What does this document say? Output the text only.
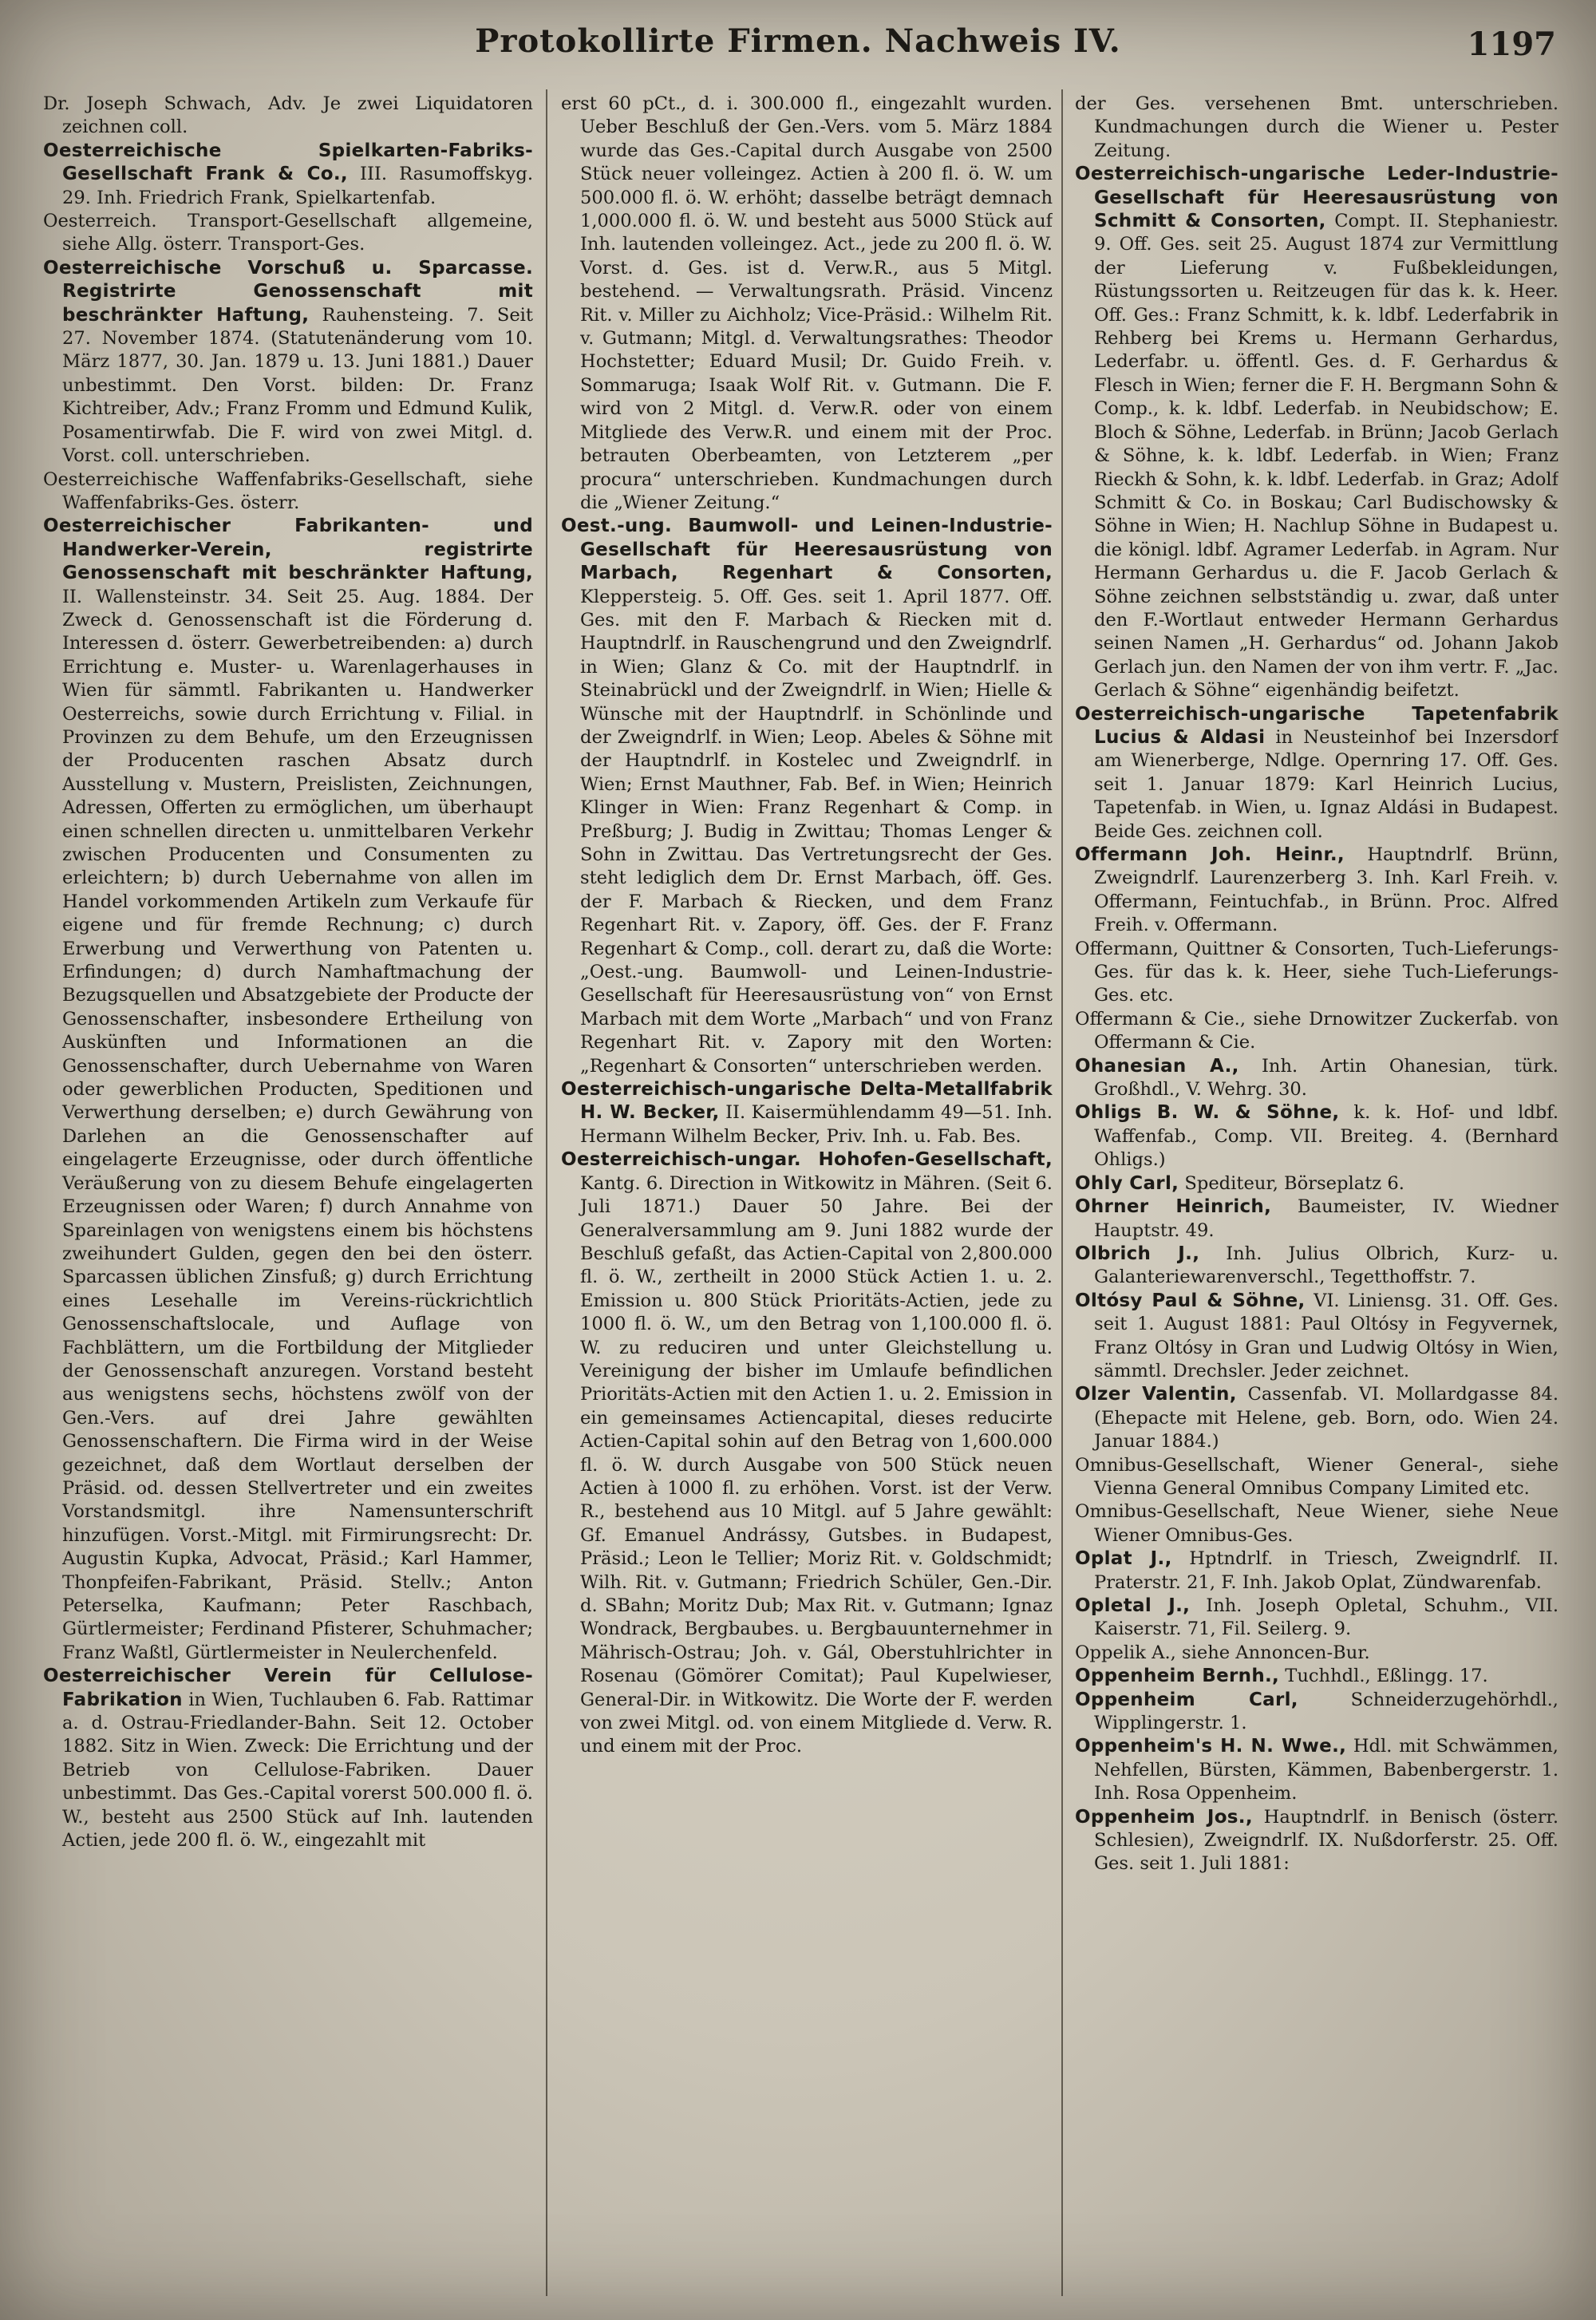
Protokollirte Firmen. Nachweis IV.	1197
Dr. Joseph Schwach, Adv. Je zwei Liquidatoren zeichnen coll.
Oesterreichische Spielkarten-Fabriks-Gesellschaft Frank & Co., III. Rasumoffskyg. 29. Inh. Friedrich Frank, Spielkartenfab.
Oesterreich. Transport-Gesellschaft allgemeine, siehe Allg. österr. Transport-Ges.
Oesterreichische Vorschuß u. Sparcasse. Registrirte Genossenschaft mit beschränkter Haftung, Rauhensteing. 7. Seit 27. November 1874. (Statutenänderung vom 10. März 1877, 30. Jan. 1879 u. 13. Juni 1881.) Dauer unbestimmt. Den Vorst. bilden: Dr. Franz Kichtreiber, Adv.; Franz Fromm und Edmund Kulik, Posamentirwfab. Die F. wird von zwei Mitgl. d. Vorst. coll. unterschrieben.
Oesterreichische Waffenfabriks-Gesellschaft, siehe Waffenfabriks-Ges. österr.
Oesterreichischer Fabrikanten- und Handwerker-Verein, registrirte Genossenschaft mit beschränkter Haftung, II. Wallensteinstr. 34. Seit 25. Aug. 1884. Der Zweck d. Genossenschaft ist die Förderung d. Interessen d. österr. Gewerbetreibenden: a) durch Errichtung e. Muster- u. Warenlagerhauses in Wien für sämmtl. Fabrikanten u. Handwerker Oesterreichs, sowie durch Errichtung v. Filial. in Provinzen zu dem Behufe, um den Erzeugnissen der Producenten raschen Absatz durch Ausstellung v. Mustern, Preislisten, Zeichnungen, Adressen, Offerten zu ermöglichen, um überhaupt einen schnellen directen u. unmittelbaren Verkehr zwischen Producenten und Consumenten zu erleichtern; b) durch Uebernahme von allen im Handel vorkommenden Artikeln zum Verkaufe für eigene und für fremde Rechnung; c) durch Erwerbung und Verwerthung von Patenten u. Erfindungen; d) durch Namhaftmachung der Bezugsquellen und Absatzgebiete der Producte der Genossenschafter, insbesondere Ertheilung von Auskünften und Informationen an die Genossenschafter, durch Uebernahme von Waren oder gewerblichen Producten, Speditionen und Verwerthung derselben; e) durch Gewährung von Darlehen an die Genossenschafter auf eingelagerte Erzeugnisse, oder durch öffentliche Veräußerung von zu diesem Behufe eingelagerten Erzeugnissen oder Waren; f) durch Annahme von Spareinlagen von wenigstens einem bis höchstens zweihundert Gulden, gegen den bei den österr. Sparcassen üblichen Zinsfuß; g) durch Errichtung eines Lesehalle im Vereins-rückrichtlich Genossenschaftslocale, und Auflage von Fachblättern, um die Fortbildung der Mitglieder der Genossenschaft anzuregen. Vorstand besteht aus wenigstens sechs, höchstens zwölf von der Gen.-Vers. auf drei Jahre gewählten Genossenschaftern. Die Firma wird in der Weise gezeichnet, daß dem Wortlaut derselben der Präsid. od. dessen Stellvertreter und ein zweites Vorstandsmitgl. ihre Namensunterschrift hinzufügen. Vorst.-Mitgl. mit Firmirungsrecht: Dr. Augustin Kupka, Advocat, Präsid.; Karl Hammer, Thonpfeifen-Fabrikant, Präsid. Stellv.; Anton Peterselka, Kaufmann; Peter Raschbach, Gürtlermeister; Ferdinand Pfisterer, Schuhmacher; Franz Waßtl, Gürtlermeister in Neulerchenfeld.
Oesterreichischer Verein für Cellulose-Fabrikation in Wien, Tuchlauben 6. Fab. Rattimar a. d. Ostrau-Friedlander-Bahn. Seit 12. October 1882. Sitz in Wien. Zweck: Die Errichtung und der Betrieb von Cellulose-Fabriken. Dauer unbestimmt. Das Ges.-Capital vorerst 500.000 fl. ö. W., besteht aus 2500 Stück auf Inh. lautenden Actien, jede 200 fl. ö. W., eingezahlt mit
erst 60 pCt., d. i. 300.000 fl., eingezahlt wurden. Ueber Beschluß der Gen.-Vers. vom 5. März 1884 wurde das Ges.-Capital durch Ausgabe von 2500 Stück neuer volleingez. Actien à 200 fl. ö. W. um 500.000 fl. ö. W. erhöht; dasselbe beträgt demnach 1,000.000 fl. ö. W. und besteht aus 5000 Stück auf Inh. lautenden volleingez. Act., jede zu 200 fl. ö. W. Vorst. d. Ges. ist d. Verw.R., aus 5 Mitgl. bestehend. — Verwaltungsrath. Präsid. Vincenz Rit. v. Miller zu Aichholz; Vice-Präsid.: Wilhelm Rit. v. Gutmann; Mitgl. d. Verwaltungsrathes: Theodor Hochstetter; Eduard Musil; Dr. Guido Freih. v. Sommaruga; Isaak Wolf Rit. v. Gutmann. Die F. wird von 2 Mitgl. d. Verw.R. oder von einem Mitgliede des Verw.R. und einem mit der Proc. betrauten Oberbeamten, von Letzterem „per procura“ unterschrieben. Kundmachungen durch die „Wiener Zeitung.“
Oest.-ung. Baumwoll- und Leinen-Industrie-Gesellschaft für Heeresausrüstung von Marbach, Regenhart & Consorten, Kleppersteig. 5. Off. Ges. seit 1. April 1877. Off. Ges. mit den F. Marbach & Riecken mit d. Hauptndrlf. in Rauschengrund und den Zweigndrlf. in Wien; Glanz & Co. mit der Hauptndrlf. in Steinabrückl und der Zweigndrlf. in Wien; Hielle & Wünsche mit der Hauptndrlf. in Schönlinde und der Zweigndrlf. in Wien; Leop. Abeles & Söhne mit der Hauptndrlf. in Kostelec und Zweigndrlf. in Wien; Ernst Mauthner, Fab. Bef. in Wien; Heinrich Klinger in Wien: Franz Regenhart & Comp. in Preßburg; J. Budig in Zwittau; Thomas Lenger & Sohn in Zwittau. Das Vertretungsrecht der Ges. steht lediglich dem Dr. Ernst Marbach, öff. Ges. der F. Marbach & Riecken, und dem Franz Regenhart Rit. v. Zapory, öff. Ges. der F. Franz Regenhart & Comp., coll. derart zu, daß die Worte: „Oest.-ung. Baumwoll- und Leinen-Industrie-Gesellschaft für Heeresausrüstung von“ von Ernst Marbach mit dem Worte „Marbach“ und von Franz Regenhart Rit. v. Zapory mit den Worten: „Regenhart & Consorten“ unterschrieben werden.
Oesterreichisch-ungarische Delta-Metallfabrik H. W. Becker, II. Kaisermühlendamm 49—51. Inh. Hermann Wilhelm Becker, Priv. Inh. u. Fab. Bes.
Oesterreichisch-ungar. Hohofen-Gesellschaft, Kantg. 6. Direction in Witkowitz in Mähren. (Seit 6. Juli 1871.) Dauer 50 Jahre. Bei der Generalversammlung am 9. Juni 1882 wurde der Beschluß gefaßt, das Actien-Capital von 2,800.000 fl. ö. W., zertheilt in 2000 Stück Actien 1. u. 2. Emission u. 800 Stück Prioritäts-Actien, jede zu 1000 fl. ö. W., um den Betrag von 1,100.000 fl. ö. W. zu reduciren und unter Gleichstellung u. Vereinigung der bisher im Umlaufe befindlichen Prioritäts-Actien mit den Actien 1. u. 2. Emission in ein gemeinsames Actiencapital, dieses reducirte Actien-Capital sohin auf den Betrag von 1,600.000 fl. ö. W. durch Ausgabe von 500 Stück neuen Actien à 1000 fl. zu erhöhen. Vorst. ist der Verw. R., bestehend aus 10 Mitgl. auf 5 Jahre gewählt: Gf. Emanuel Andrássy, Gutsbes. in Budapest, Präsid.; Leon le Tellier; Moriz Rit. v. Goldschmidt; Wilh. Rit. v. Gutmann; Friedrich Schüler, Gen.-Dir. d. SBahn; Moritz Dub; Max Rit. v. Gutmann; Ignaz Wondrack, Bergbaubes. u. Bergbauunternehmer in Mährisch-Ostrau; Joh. v. Gál, Oberstuhlrichter in Rosenau (Gömörer Comitat); Paul Kupelwieser, General-Dir. in Witkowitz. Die Worte der F. werden von zwei Mitgl. od. von einem Mitgliede d. Verw. R. und einem mit der Proc.
der Ges. versehenen Bmt. unterschrieben. Kundmachungen durch die Wiener u. Pester Zeitung.
Oesterreichisch-ungarische Leder-Industrie-Gesellschaft für Heeresausrüstung von Schmitt & Consorten, Compt. II. Stephaniestr. 9. Off. Ges. seit 25. August 1874 zur Vermittlung der Lieferung v. Fußbekleidungen, Rüstungssorten u. Reitzeugen für das k. k. Heer. Off. Ges.: Franz Schmitt, k. k. ldbf. Lederfabrik in Rehberg bei Krems u. Hermann Gerhardus, Lederfabr. u. öffentl. Ges. d. F. Gerhardus & Flesch in Wien; ferner die F. H. Bergmann Sohn & Comp., k. k. ldbf. Lederfab. in Neubidschow; E. Bloch & Söhne, Lederfab. in Brünn; Jacob Gerlach & Söhne, k. k. ldbf. Lederfab. in Wien; Franz Rieckh & Sohn, k. k. ldbf. Lederfab. in Graz; Adolf Schmitt & Co. in Boskau; Carl Budischowsky & Söhne in Wien; H. Nachlup Söhne in Budapest u. die königl. ldbf. Agramer Lederfab. in Agram. Nur Hermann Gerhardus u. die F. Jacob Gerlach & Söhne zeichnen selbstständig u. zwar, daß unter den F.-Wortlaut entweder Hermann Gerhardus seinen Namen „H. Gerhardus“ od. Johann Jakob Gerlach jun. den Namen der von ihm vertr. F. „Jac. Gerlach & Söhne“ eigenhändig beifetzt.
Oesterreichisch-ungarische Tapetenfabrik Lucius & Aldasi in Neusteinhof bei Inzersdorf am Wienerberge, Ndlge. Opernring 17. Off. Ges. seit 1. Januar 1879: Karl Heinrich Lucius, Tapetenfab. in Wien, u. Ignaz Aldási in Budapest. Beide Ges. zeichnen coll.
Offermann Joh. Heinr., Hauptndrlf. Brünn, Zweigndrlf. Laurenzerberg 3. Inh. Karl Freih. v. Offermann, Feintuchfab., in Brünn. Proc. Alfred Freih. v. Offermann.
Offermann, Quittner & Consorten, Tuch-Lieferungs-Ges. für das k. k. Heer, siehe Tuch-Lieferungs-Ges. etc.
Offermann & Cie., siehe Drnowitzer Zuckerfab. von Offermann & Cie.
Ohanesian A., Inh. Artin Ohanesian, türk. Großhdl., V. Wehrg. 30.
Ohligs B. W. & Söhne, k. k. Hof- und ldbf. Waffenfab., Comp. VII. Breiteg. 4. (Bernhard Ohligs.)
Ohly Carl, Spediteur, Börseplatz 6.
Ohrner Heinrich, Baumeister, IV. Wiedner Hauptstr. 49.
Olbrich J., Inh. Julius Olbrich, Kurz- u. Galanteriewarenverschl., Tegetthoffstr. 7.
Oltósy Paul & Söhne, VI. Liniensg. 31. Off. Ges. seit 1. August 1881: Paul Oltósy in Fegyvernek, Franz Oltósy in Gran und Ludwig Oltósy in Wien, sämmtl. Drechsler. Jeder zeichnet.
Olzer Valentin, Cassenfab. VI. Mollardgasse 84. (Ehepacte mit Helene, geb. Born, odo. Wien 24. Januar 1884.)
Omnibus-Gesellschaft, Wiener General-, siehe Vienna General Omnibus Company Limited etc.
Omnibus-Gesellschaft, Neue Wiener, siehe Neue Wiener Omnibus-Ges.
Oplat J., Hptndrlf. in Triesch, Zweigndrlf. II. Praterstr. 21, F. Inh. Jakob Oplat, Zündwarenfab.
Opletal J., Inh. Joseph Opletal, Schuhm., VII. Kaiserstr. 71, Fil. Seilerg. 9.
Oppelik A., siehe Annoncen-Bur.
Oppenheim Bernh., Tuchhdl., Eßlingg. 17.
Oppenheim Carl,	Schneiderzugehörhdl., Wipplingerstr. 1.
Oppenheim's H. N. Wwe., Hdl. mit Schwämmen, Nehfellen, Bürsten, Kämmen, Babenbergerstr. 1. Inh. Rosa Oppenheim.
Oppenheim Jos., Hauptndrlf. in Benisch (österr. Schlesien), Zweigndrlf. IX. Nußdorferstr. 25. Off. Ges. seit 1. Juli 1881:
